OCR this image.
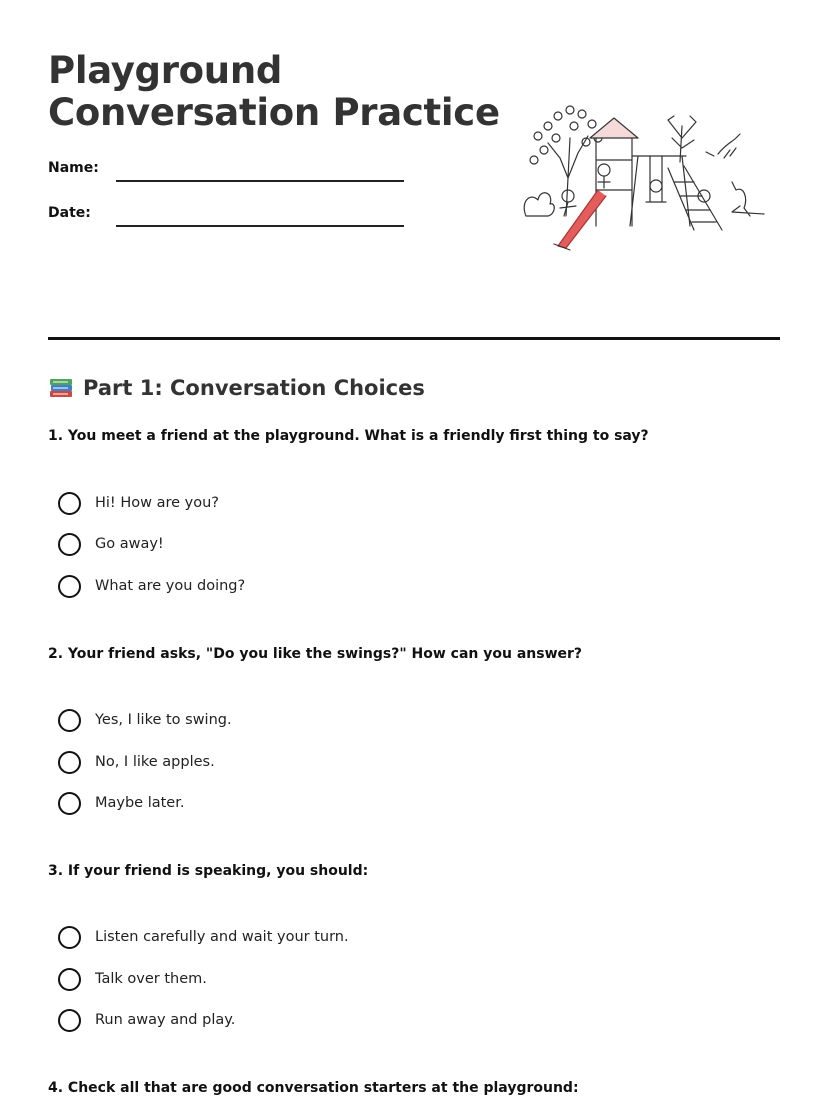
Playground
Conversation Practice
Name:
Date:
Part 1: Conversation Choices
1. You meet a friend at the playground. What is a friendly first thing to say?
Hi! How are you?
Go away!
What are you doing?
2. Your friend asks, "Do you like the swings?" How can you answer?
Yes, I like to swing.
No, I like apples.
Maybe later.
3. If your friend is speaking, you should:
Listen carefully and wait your turn.
Talk over them.
Run away and play.
4. Check all that are good conversation starters at the playground:
